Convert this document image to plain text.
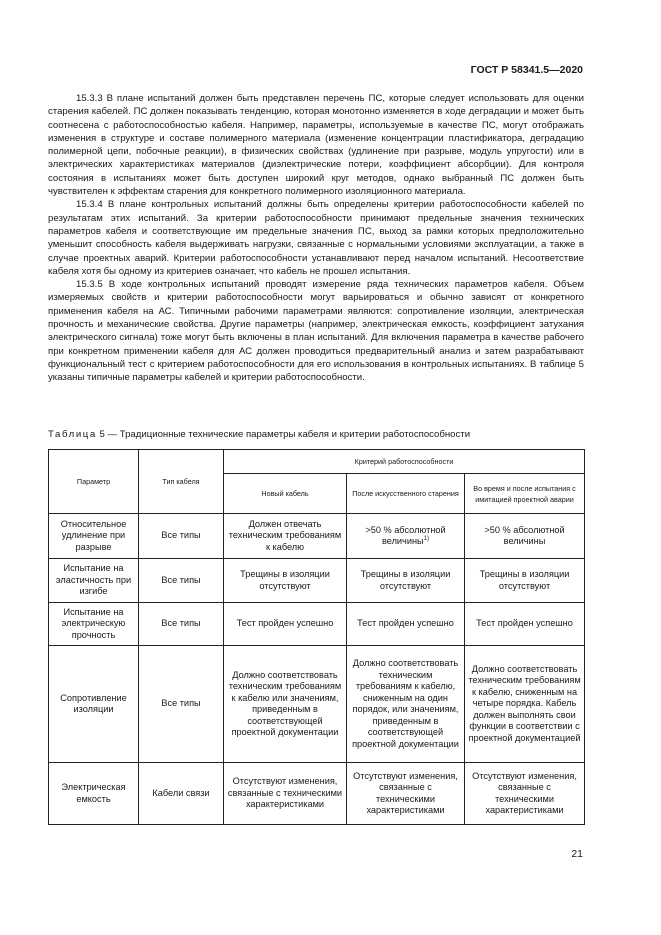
ГОСТ Р 58341.5—2020

15.3.3 В плане испытаний должен быть представлен перечень ПС, которые следует использовать для оценки старения кабелей. ПС должен показывать тенденцию, которая монотонно изменяется в ходе деградации и может быть соотнесена с работоспособностью кабеля. Например, параметры, используемые в качестве ПС, могут отображать изменения в структуре и составе полимерного материала (изменение концентрации пластификатора, деградацию полимерной цепи, побочные реакции), в физических свойствах (удлинение при разрыве, модуль упругости) или в электрических характеристиках материалов (диэлектрические потери, коэффициент абсорбции). Для контроля состояния в испытаниях может быть доступен широкий круг методов, однако выбранный ПС должен быть чувствителен к эффектам старения для конкретного полимерного изоляционного материала.

15.3.4 В плане контрольных испытаний должны быть определены критерии работоспособности кабелей по результатам этих испытаний. За критерии работоспособности принимают предельные значения технических параметров кабеля и соответствующие им предельные значения ПС, выход за рамки которых предположительно уменьшит способность кабеля выдерживать нагрузки, связанные с нормальными условиями эксплуатации, а также в случае проектных аварий. Критерии работоспособности устанавливают перед началом испытаний. Несоответствие кабеля хотя бы одному из критериев означает, что кабель не прошел испытания.

15.3.5 В ходе контрольных испытаний проводят измерение ряда технических параметров кабеля. Объем измеряемых свойств и критерии работоспособности могут варьироваться и обычно зависят от конкретного применения кабеля на АС. Типичными рабочими параметрами являются: сопротивление изоляции, электрическая прочность и механические свойства. Другие параметры (например, электрическая емкость, коэффициент затухания электрического сигнала) тоже могут быть включены в план испытаний. Для включения параметра в качестве рабочего при конкретном применении кабеля для АС должен проводиться предварительный анализ и затем разрабатывают функциональный тест с критерием работоспособности для его использования в контрольных испытаниях. В таблице 5 указаны типичные параметры кабелей и критерии работоспособности.

Таблица 5 — Традиционные технические параметры кабеля и критерии работоспособности
Параметр	Тип кабеля	Критерий работоспособности		
		Новый кабель	После искусственного старения	Во время и после испытания с имитацией проектной аварии
Относительное удлинение при разрыве	Все типы	Должен отвечать техническим требованиям к кабелю	>50 % абсолютной величины$^{1)}$	>50 % абсолютной величины
Испытание на эластичность при изгибе	Все типы	Трещины в изоляции отсутствуют	Трещины в изоляции отсутствуют	Трещины в изоляции отсутствуют
Испытание на электрическую прочность	Все типы	Тест пройден успешно	Тест пройден успешно	Тест пройден успешно
Сопротивление изоляции	Все типы	Должно соответствовать техническим требованиям к кабелю или значениям, приведенным в соответствующей проектной документации	Должно соответствовать техническим требованиям к кабелю, сниженным на один порядок, или значениям, приведенным в соответствующей проектной документации	Должно соответствовать техническим требованиям к кабелю, сниженным на четыре порядка. Кабель должен выполнять свои функции в соответствии с проектной документацией
Электрическая емкость	Кабели связи	Отсутствуют изменения, связанные с техническими характеристиками	Отсутствуют изменения, связанные с техническими характеристиками	Отсутствуют изменения, связанные с техническими характеристиками
21
